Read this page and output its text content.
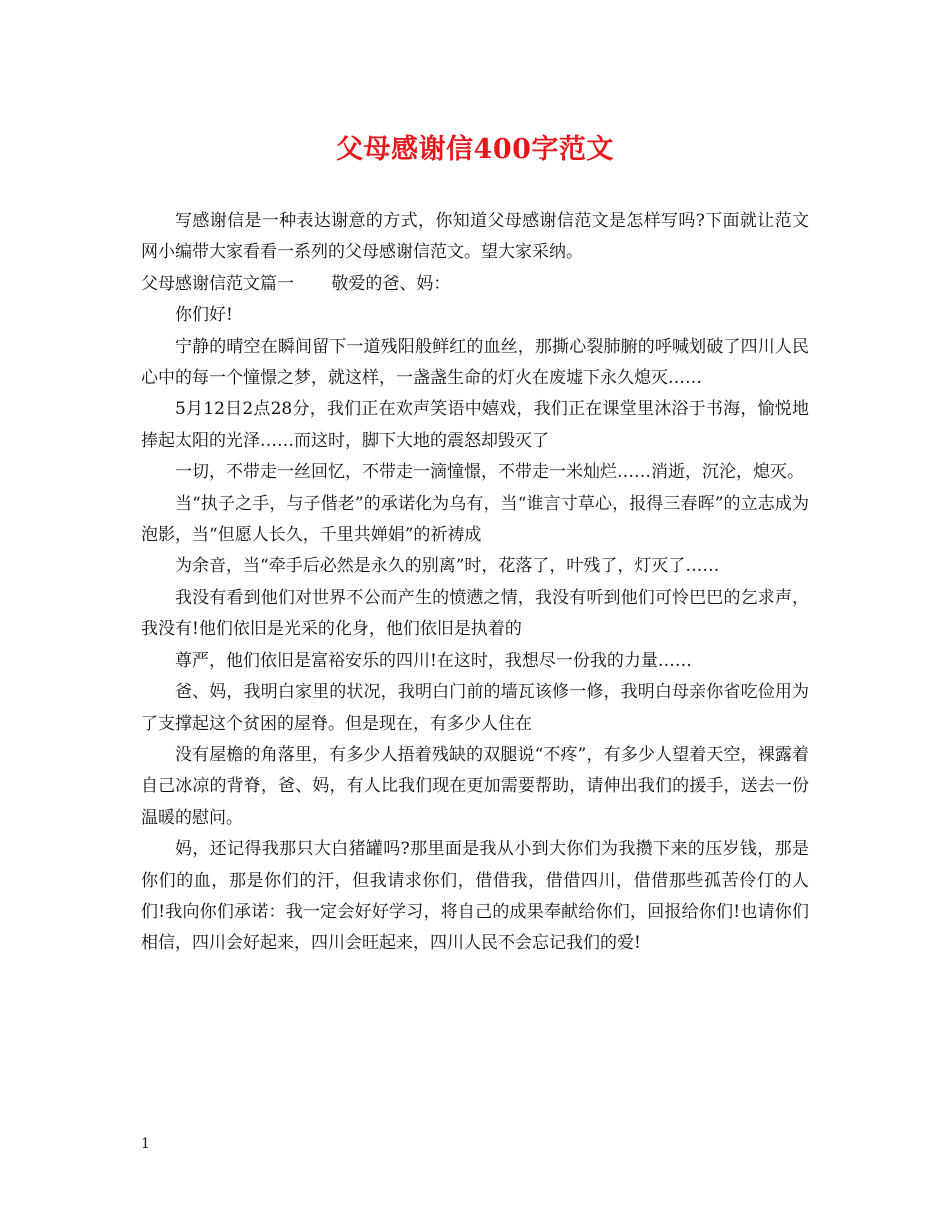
父母感谢信400字范文

写感谢信是一种表达谢意的方式，你知道父母感谢信范文是怎样写吗?下面就让范文网小编带大家看看一系列的父母感谢信范文。望大家采纳。

父母感谢信范文篇一 敬爱的爸、妈：

你们好!

宁静的晴空在瞬间留下一道残阳般鲜红的血丝，那撕心裂肺腑的呼喊划破了四川人民心中的每一个憧憬之梦，就这样，一盏盏生命的灯火在废墟下永久熄灭……

5月12日2点28分，我们正在欢声笑语中嬉戏，我们正在课堂里沐浴于书海，愉悦地捧起太阳的光泽……而这时，脚下大地的震怒却毁灭了

一切，不带走一丝回忆，不带走一滴憧憬，不带走一米灿烂……消逝，沉沦，熄灭。

当“执子之手，与子偕老”的承诺化为乌有，当“谁言寸草心，报得三春晖”的立志成为泡影，当“但愿人长久，千里共婵娟”的祈祷成

为余音，当“牵手后必然是永久的别离”时，花落了，叶残了，灯灭了……

我没有看到他们对世界不公而产生的愤懑之情，我没有听到他们可怜巴巴的乞求声，我没有!他们依旧是光采的化身，他们依旧是执着的

尊严，他们依旧是富裕安乐的四川!在这时，我想尽一份我的力量……

爸、妈，我明白家里的状况，我明白门前的墙瓦该修一修，我明白母亲你省吃俭用为了支撑起这个贫困的屋脊。但是现在，有多少人住在

没有屋檐的角落里，有多少人捂着残缺的双腿说“不疼”，有多少人望着天空，裸露着自己冰凉的背脊，爸、妈，有人比我们现在更加需要帮助，请伸出我们的援手，送去一份温暖的慰问。

妈，还记得我那只大白猪罐吗?那里面是我从小到大你们为我攒下来的压岁钱，那是你们的血，那是你们的汗，但我请求你们，借借我，借借四川，借借那些孤苦伶仃的人们!我向你们承诺：我一定会好好学习，将自己的成果奉献给你们，回报给你们!也请你们相信，四川会好起来，四川会旺起来，四川人民不会忘记我们的爱!

1
